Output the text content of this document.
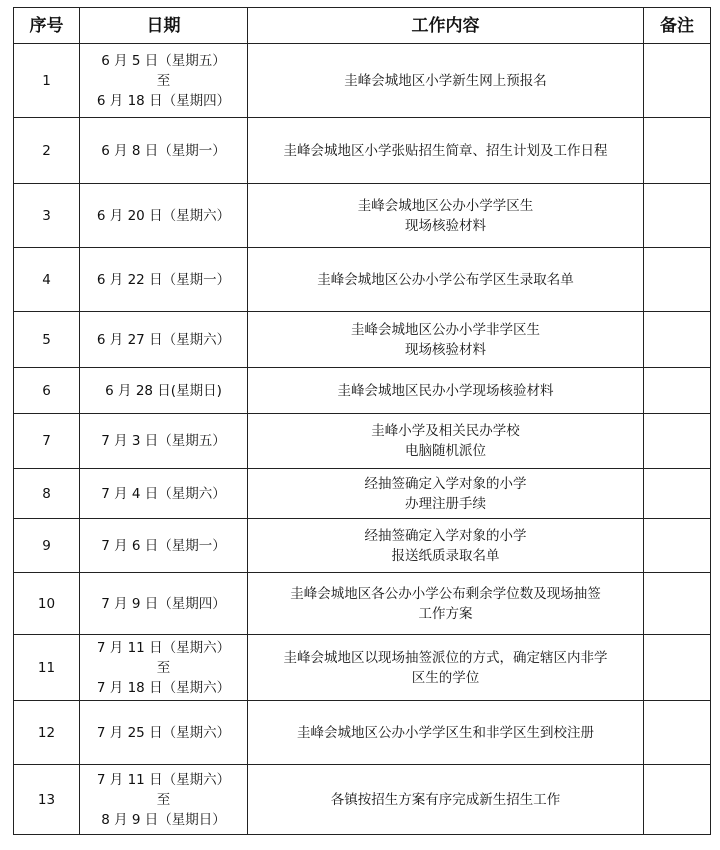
序号	日期	工作内容	备注
1	6 月 5 日（星期五）
至
6 月 18 日（星期四）	圭峰会城地区小学新生网上预报名	

2	6 月 8 日（星期一）	圭峰会城地区小学张贴招生简章、招生计划及工作日程	

3	6 月 20 日（星期六）	圭峰会城地区公办小学学区生
现场核验材料	

4	6 月 22 日（星期一）	圭峰会城地区公办小学公布学区生录取名单	

5	6 月 27 日（星期六）	圭峰会城地区公办小学非学区生
现场核验材料	

6	6 月 28 日(星期日)	圭峰会城地区民办小学现场核验材料	

7	7 月 3 日（星期五）	圭峰小学及相关民办学校
电脑随机派位	

8	7 月 4 日（星期六）	经抽签确定入学对象的小学
办理注册手续	

9	7 月 6 日（星期一）	经抽签确定入学对象的小学
报送纸质录取名单	

10	7 月 9 日（星期四）	圭峰会城地区各公办小学公布剩余学位数及现场抽签
工作方案	

11	7 月 11 日（星期六）
至
7 月 18 日（星期六）	圭峰会城地区以现场抽签派位的方式，确定辖区内非学
区生的学位	

12	7 月 25 日（星期六）	圭峰会城地区公办小学学区生和非学区生到校注册	

13	7 月 11 日（星期六）
至
8 月 9 日（星期日）	各镇按招生方案有序完成新生招生工作	
